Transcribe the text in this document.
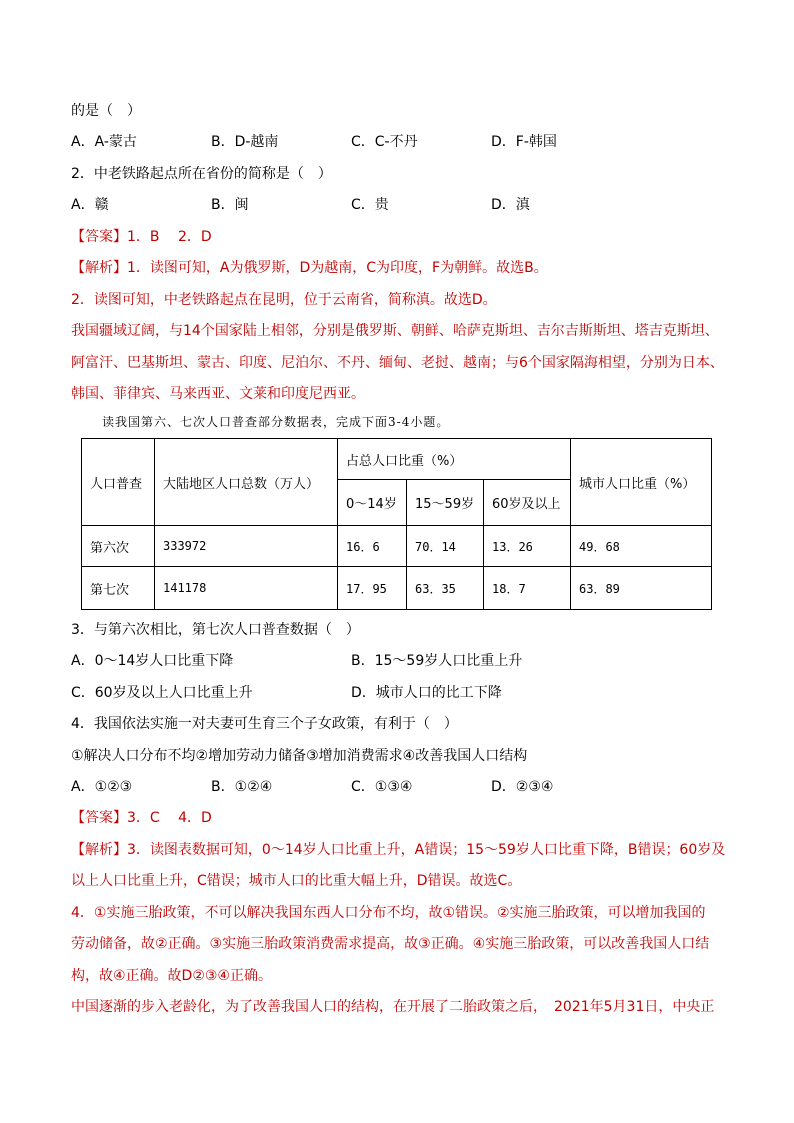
的是（　）
A．A-蒙古	B．D-越南	C．C-不丹	D．F-韩国
2．中老铁路起点所在省份的简称是（　）
A．赣	B．闽	C．贵	D．滇
【答案】1．B　 2．D
【解析】1．读图可知，A为俄罗斯，D为越南，C为印度，F为朝鲜。故选B。
2．读图可知，中老铁路起点在昆明，位于云南省，简称滇。故选D。
我国疆域辽阔，与14个国家陆上相邻，分别是俄罗斯、朝鲜、哈萨克斯坦、吉尔吉斯斯坦、塔吉克斯坦、
阿富汗、巴基斯坦、蒙古、印度、尼泊尔、不丹、缅甸、老挝、越南；与6个国家隔海相望，分别为日本、
韩国、菲律宾、马来西亚、文莱和印度尼西亚。
读我国第六、七次人口普查部分数据表，完成下面3-4小题。
人口普查	大陆地区人口总数（万人）	占总人口比重（%）			城市人口比重（%）
		0～14岁	15～59岁	60岁及以上	
第六次	333972	16．6	70．14	13．26	49．68
第七次	141178	17．95	63．35	18．7	63．89
3．与第六次相比，第七次人口普查数据（　）
A．0～14岁人口比重下降	B．15～59岁人口比重上升
C．60岁及以上人口比重上升	D．城市人口的比工下降
4．我国依法实施一对夫妻可生育三个子女政策，有利于（　）
①解决人口分布不均②增加劳动力储备③增加消费需求④改善我国人口结构
A．①②③	B．①②④	C．①③④	D．②③④
【答案】3．C　 4．D
【解析】3．读图表数据可知，0～14岁人口比重上升，A错误；15～59岁人口比重下降，B错误；60岁及
以上人口比重上升，C错误；城市人口的比重大幅上升，D错误。故选C。
4．①实施三胎政策，不可以解决我国东西人口分布不均，故①错误。②实施三胎政策，可以增加我国的
劳动储备，故②正确。③实施三胎政策消费需求提高，故③正确。④实施三胎政策，可以改善我国人口结
构，故④正确。故D②③④正确。
中国逐渐的步入老龄化，为了改善我国人口的结构，在开展了二胎政策之后，　2021年5月31日，中央正
